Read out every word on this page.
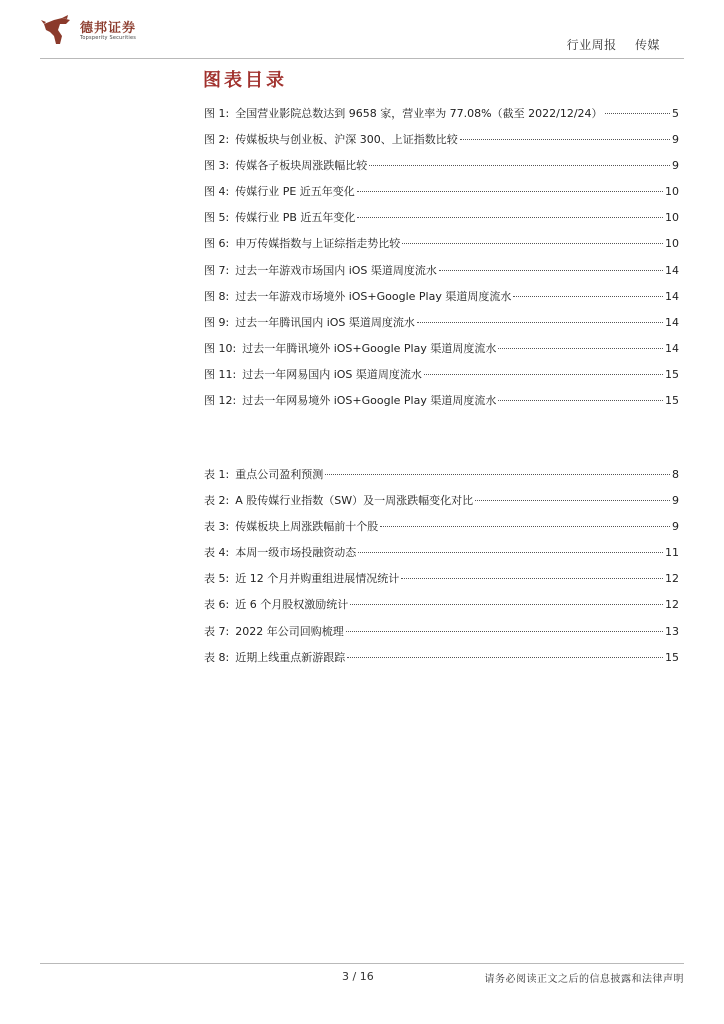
德邦证券
Topsperity Securities	行业周报 传媒
图表目录
图 1: 全国营业影院总数达到 9658 家，营业率为 77.08%（截至 2022/12/24）	5
图 2: 传媒板块与创业板、沪深 300、上证指数比较	9
图 3: 传媒各子板块周涨跌幅比较	9
图 4: 传媒行业 PE 近五年变化	10
图 5: 传媒行业 PB 近五年变化	10
图 6: 申万传媒指数与上证综指走势比较	10
图 7: 过去一年游戏市场国内 iOS 渠道周度流水	14
图 8: 过去一年游戏市场境外 iOS+Google Play 渠道周度流水	14
图 9: 过去一年腾讯国内 iOS 渠道周度流水	14
图 10: 过去一年腾讯境外 iOS+Google Play 渠道周度流水	14
图 11: 过去一年网易国内 iOS 渠道周度流水	15
图 12: 过去一年网易境外 iOS+Google Play 渠道周度流水	15
表 1: 重点公司盈利预测	8
表 2: A 股传媒行业指数（SW）及一周涨跌幅变化对比	9
表 3: 传媒板块上周涨跌幅前十个股	9
表 4: 本周一级市场投融资动态	11
表 5: 近 12 个月并购重组进展情况统计	12
表 6: 近 6 个月股权激励统计	12
表 7: 2022 年公司回购梳理	13
表 8: 近期上线重点新游跟踪	15
3 / 16	请务必阅读正文之后的信息披露和法律声明
